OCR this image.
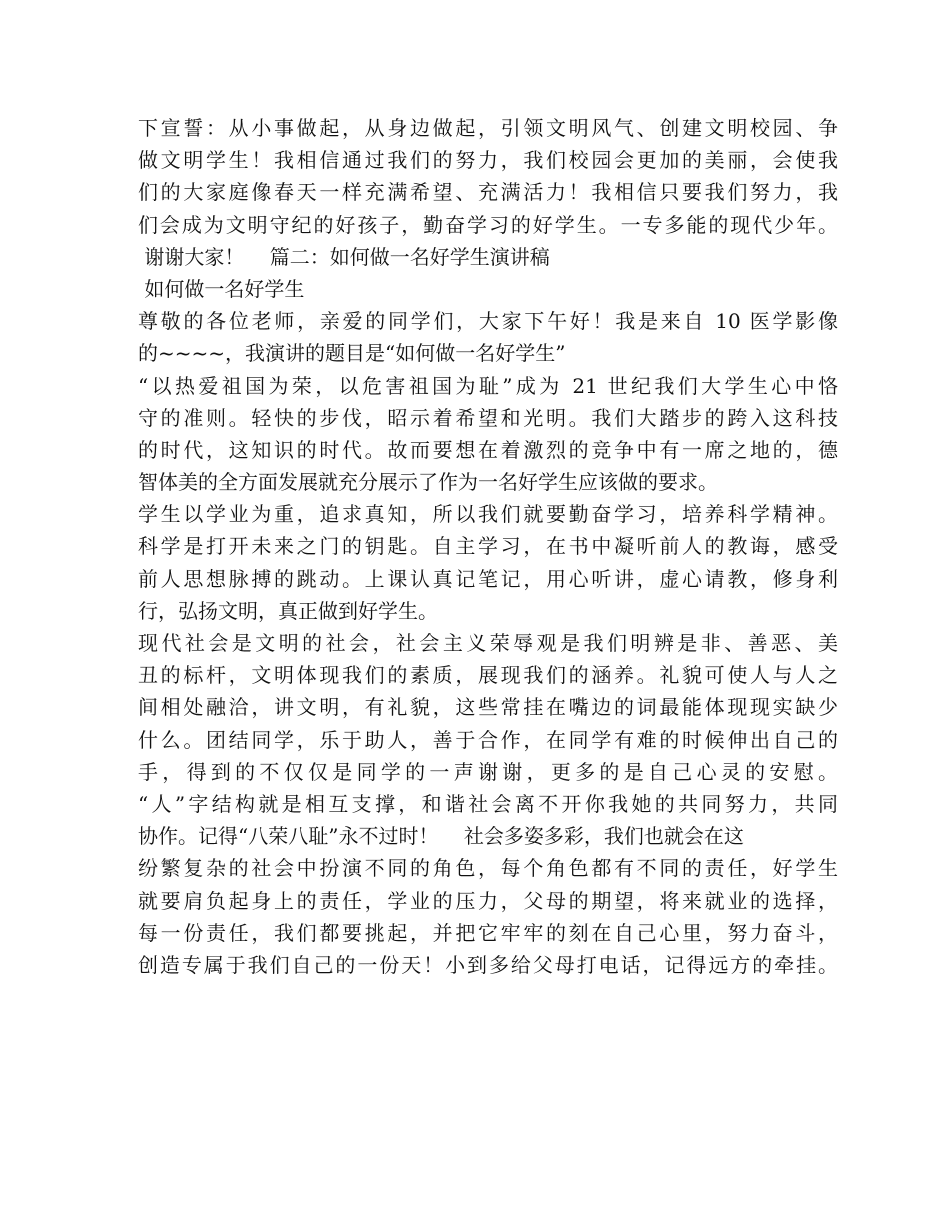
下宣誓：从小事做起，从身边做起，引领文明风气、创建文明校园、争

做文明学生！我相信通过我们的努力，我们校园会更加的美丽，会使我

们的大家庭像春天一样充满希望、充满活力！我相信只要我们努力，我

们会成为文明守纪的好孩子，勤奋学习的好学生。一专多能的现代少年。

谢谢大家！    篇二：如何做一名好学生演讲稿

如何做一名好学生

尊敬的各位老师，亲爱的同学们，大家下午好！我是来自 10 医学影像

的~~~~，我演讲的题目是“如何做一名好学生”

“以热爱祖国为荣，以危害祖国为耻”成为 21 世纪我们大学生心中恪

守的准则。轻快的步伐，昭示着希望和光明。我们大踏步的跨入这科技

的时代，这知识的时代。故而要想在着激烈的竞争中有一席之地的，德

智体美的全方面发展就充分展示了作为一名好学生应该做的要求。

学生以学业为重，追求真知，所以我们就要勤奋学习，培养科学精神。

科学是打开未来之门的钥匙。自主学习，在书中凝听前人的教诲，感受

前人思想脉搏的跳动。上课认真记笔记，用心听讲，虚心请教，修身利

行，弘扬文明，真正做到好学生。

现代社会是文明的社会，社会主义荣辱观是我们明辨是非、善恶、美

丑的标杆，文明体现我们的素质，展现我们的涵养。礼貌可使人与人之

间相处融洽，讲文明，有礼貌，这些常挂在嘴边的词最能体现现实缺少

什么。团结同学，乐于助人，善于合作，在同学有难的时候伸出自己的

手，得到的不仅仅是同学的一声谢谢，更多的是自己心灵的安慰。

“人”字结构就是相互支撑，和谐社会离不开你我她的共同努力，共同

协作。记得“八荣八耻”永不过时！    社会多姿多彩，我们也就会在这

纷繁复杂的社会中扮演不同的角色，每个角色都有不同的责任，好学生

就要肩负起身上的责任，学业的压力，父母的期望，将来就业的选择，

每一份责任，我们都要挑起，并把它牢牢的刻在自己心里，努力奋斗，

创造专属于我们自己的一份天！小到多给父母打电话，记得远方的牵挂。
